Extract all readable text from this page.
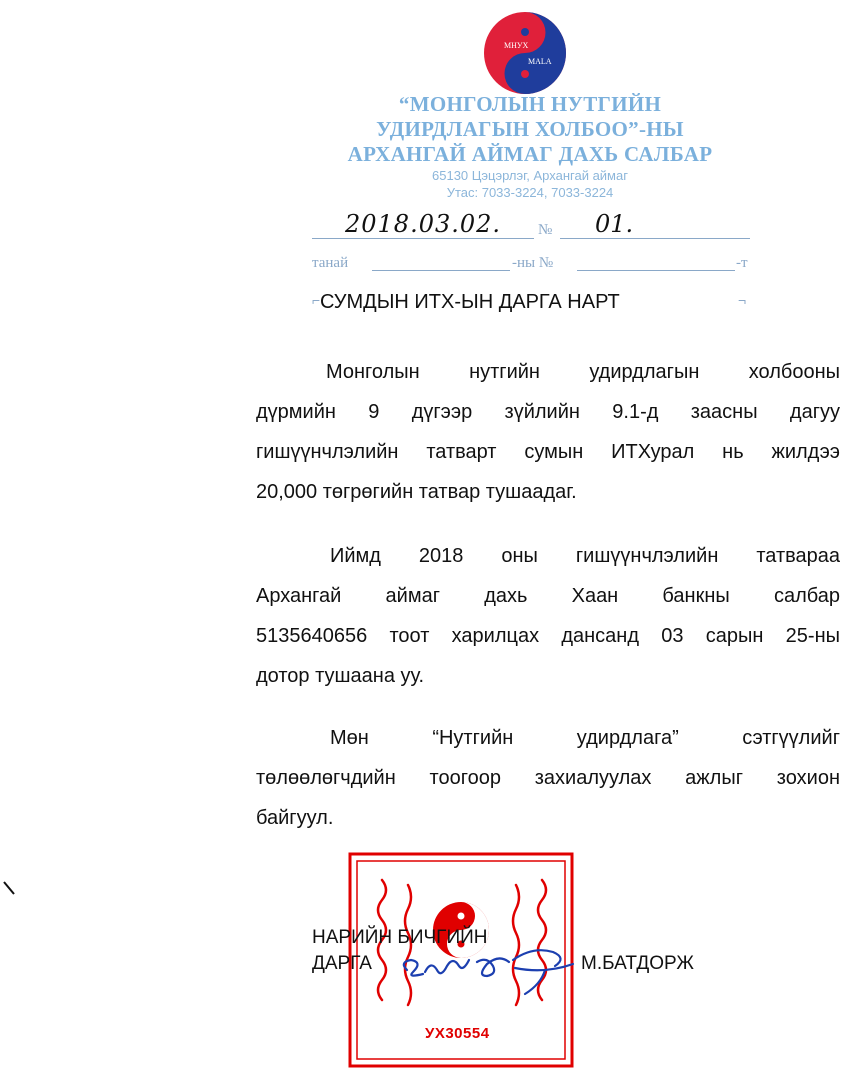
МНУХ
MALA
“МОНГОЛЫН НУТГИЙН
УДИРДЛАГЫН ХОЛБОО”-НЫ
АРХАНГАЙ АЙМАГ ДАХЬ САЛБАР
65130 Цэцэрлэг, Архангай аймаг
Утас: 7033-3224, 7033-3224
2018.03.02. № 01.
танай	-ны №	-т
⌐ СУМДЫН ИТХ-ЫН ДАРГА НАРТ	¬
Монголын нутгийн удирдлагын холбооны
дүрмийн 9 дүгээр зүйлийн 9.1-д заасны дагуу
гишүүнчлэлийн татварт сумын ИТХурал нь жилдээ
20,000 төгрөгийн татвар тушаадаг.
Иймд 2018 оны гишүүнчлэлийн татвараа
Архангай аймаг дахь Хаан банкны салбар
5135640656 тоот харилцах дансанд 03 сарын 25-ны
дотор тушаана уу.
Мөн “Нутгийн удирдлага” сэтгүүлийг
төлөөлөгчдийн тоогоор захиалуулах ажлыг зохион
байгуул.
УХ30554
НАРИЙН БИЧГИЙН
ДАРГА	М.БАТДОРЖ
